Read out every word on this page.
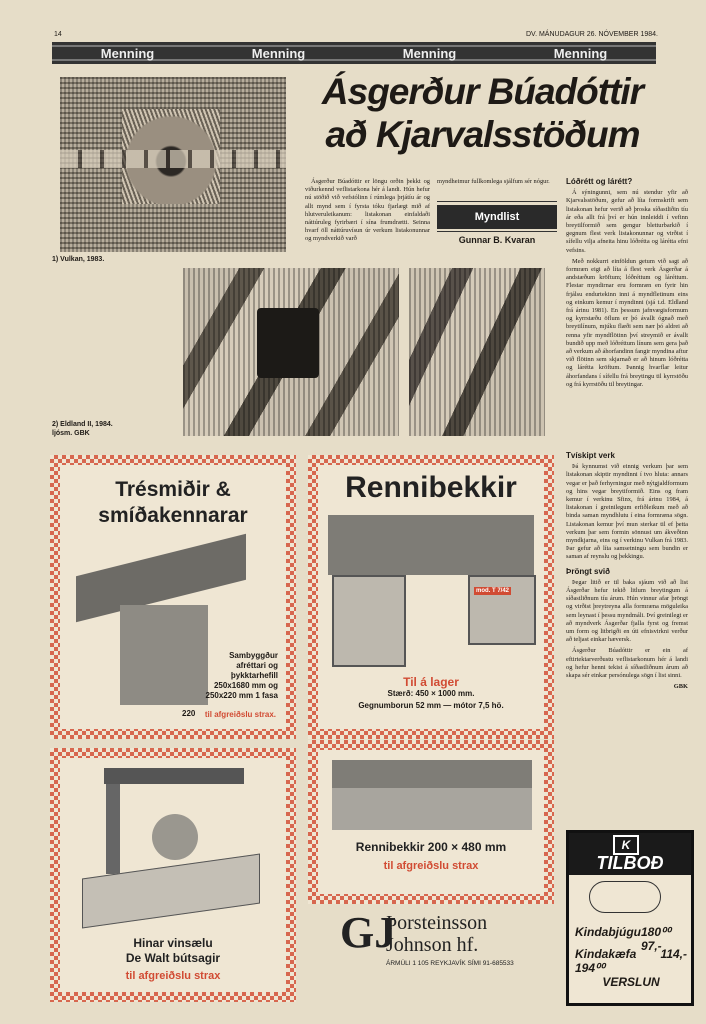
14	DV. MÁNUDAGUR 26. NÓVEMBER 1984.
Menning	Menning	Menning	Menning
Ásgerður Búadóttir
að Kjarvalsstöðum
1) Vulkan, 1983.

Ásgerður Búadóttir er löngu orðin þekkt og viðurkennd veflistarkona hér á landi. Hún hefur nú stöðið við vefstólinn í rúmlega þrjátíu ár og allt mynd sem í fyrsta tóku fjarlægt mið af hlutveruleikanum: listakonan einfaldaði náttúruleg fyrirbæri í sína frumdrætti. Seinna hvarf öll náttúruvísun úr verkum listakonunnar og myndverkið varð

myndheimur fullkomlega sjálfum sér nógur.

Myndlist
Gunnar B. Kvaran
2) Eldland II, 1984.
ljósm. GBK
Lóðrétt og lárétt?

Á sýningunni, sem nú stendur yfir að Kjarvalsstöðum, gefur að líta formskrift sem listakonan hefur verið að þroska síðastliðin tíu ár eða allt frá því er hún innleiddi í vefinn breytilformið sem gengur bletturbarkið í gegnum flest verk listakonunnar og virðist í sífellu vilja afneita hinu lóðrétta og lárétta efni vefsins.

Með nokkurri einföldun getum við sagt að formræn eigi að líta á flest verk Ásgerðar á andstæðum kröftum; lóðréttum og láréttum. Flestar myndirnar eru formræn en fyrir hin frjálsu endurtekinn inni á myndfletinum eins og einkum kemur í myndinni (sjá t.d. Eldland frá árinu 1981). En þessum jafnvægisformum og kyrrstæðu öflum er þó ávallt ógnað með breytilínum, mjúku flæði sem nær þó aldrei að renna yfir myndflötinn því streymið er ávallt bundið upp með lóðréttum línum sem gera það að verkum að áhorfandinn fangir myndina aftur við flötinn sem skjarnað er að hinum lóðrétta og lárétta kröftum. Þannig hvarflar leitur áhorfandans í sífellu frá breytingu til kyrrstöðu og frá kyrrstöðu til breytingar.

Tvískipt verk

Þá kynnumst við einnig verkum þar sem listakonan skiptir myndinni í tvo hluta: annars vegar er það ferhyrningur með nýtgjaldformum og hins vegar breytiformið. Eins og fram kemur í verkinu Sfinx, frá árinu 1984, á listakonan í greinilegum erfiðleikum með að binda saman myndhlutu í eina formræna sögn. Listakonan kemur því mun sterkar til ef þetta verkum þar sem formin sönnust um ákveðinn myndkjarna, eins og í verkinu Vulkan frá 1983. Þar gefur að líta samsetningu sem bundin er saman af reynslu og þekkingu.

Þröngt svið

Þegar litið er til baka sjáum við að list Ásgerðar hefur tekið litlum breytingum á síðastliðnum tíu árum. Hún vinnur afar þröngt og virðist þreytreyna alla formræna möguleika sem leynast í þessu myndmáli. Því greinilegt er að myndverk Ásgerðar fjalla fyrst og fremst um form og litbrigði en úti efnisvirkni verður að teljast einkar hæversk.

Ásgerður Búadóttir er ein af eftirtektarverðustu veflistarkonum hér á landi og hefur henni tekist á síðastliðnum árum að skapa sér einkar persónulega sögn í list sinni.

GBK
Trésmiðir &
smíðakennarar
Sambyggður
afréttari og
þykktarhefill
250x1680 mm og
250x220 mm 1 fasa
220 til afgreiðslu strax.
Rennibekkir
mod. T 7/42
Til á lager
Stærð: 450 × 1000 mm.
Gegnumborun 52 mm — mótor 7,5 hö.
Hinar vinsælu
De Walt bútsagir
til afgreiðslu strax
Rennibekkir 200 × 480 mm
til afgreiðslu strax
GJ
Þorsteinsson
Johnson hf.
ÁRMÚLI 1 105 REYKJAVÍK SÍMI 91-685533
K
TILBOÐ
Kindabjúgu 180⁰⁰ 97,-
Kindakæfa 194⁰⁰
114,-
VERSLUN
